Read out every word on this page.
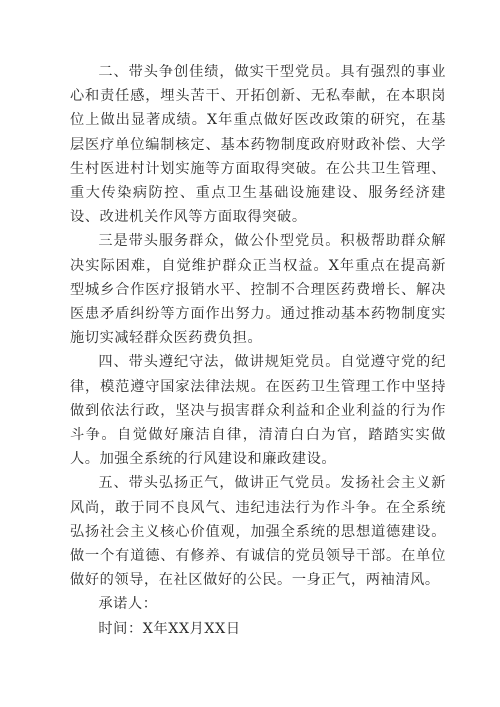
二、带头争创佳绩，做实干型党员。具有强烈的事业心和责任感，埋头苦干、开拓创新、无私奉献，在本职岗位上做出显著成绩。X年重点做好医改政策的研究，在基层医疗单位编制核定、基本药物制度政府财政补偿、大学生村医进村计划实施等方面取得突破。在公共卫生管理、重大传染病防控、重点卫生基础设施建设、服务经济建设、改进机关作风等方面取得突破。

三是带头服务群众，做公仆型党员。积极帮助群众解决实际困难，自觉维护群众正当权益。X年重点在提高新型城乡合作医疗报销水平、控制不合理医药费增长、解决医患矛盾纠纷等方面作出努力。通过推动基本药物制度实施切实减轻群众医药费负担。

四、带头遵纪守法，做讲规矩党员。自觉遵守党的纪律，模范遵守国家法律法规。在医药卫生管理工作中坚持做到依法行政，坚决与损害群众利益和企业利益的行为作斗争。自觉做好廉洁自律，清清白白为官，踏踏实实做人。加强全系统的行风建设和廉政建设。

五、带头弘扬正气，做讲正气党员。发扬社会主义新风尚，敢于同不良风气、违纪违法行为作斗争。在全系统弘扬社会主义核心价值观，加强全系统的思想道德建设。做一个有道德、有修养、有诚信的党员领导干部。在单位做好的领导，在社区做好的公民。一身正气，两袖清风。

承诺人：

时间：X年XX月XX日
